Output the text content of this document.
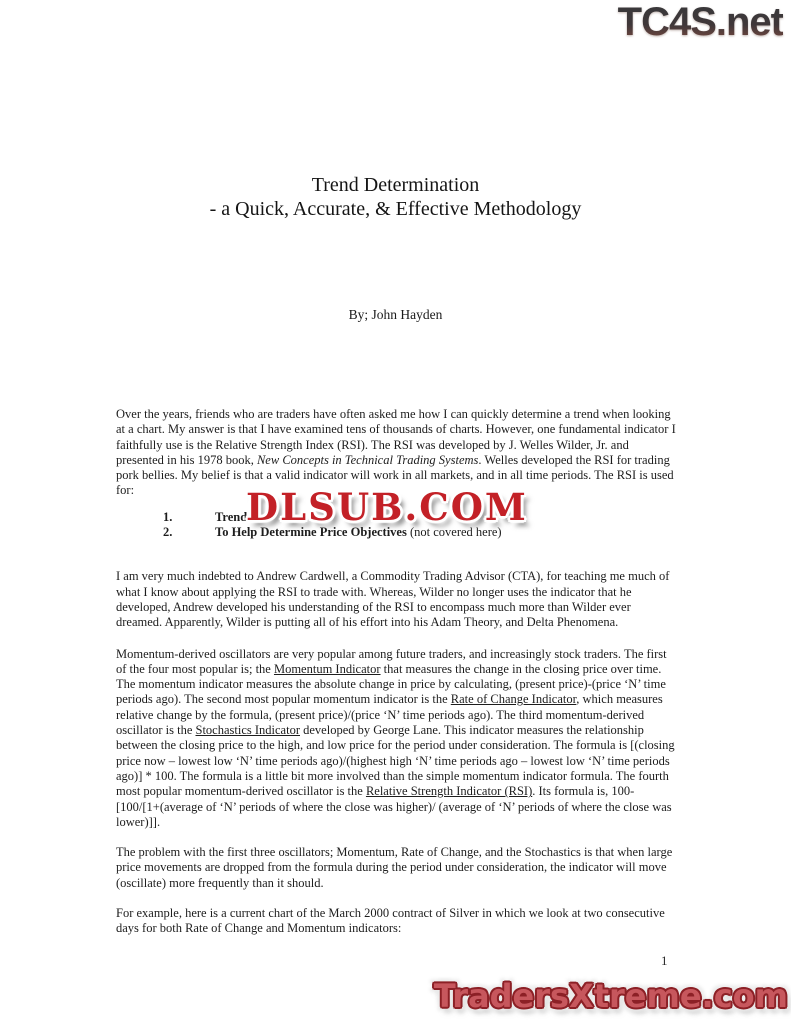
TC4S.net
Trend Determination
- a Quick, Accurate, & Effective Methodology
By; John Hayden

Over the years, friends who are traders have often asked me how I can quickly determine a trend when looking at a chart. My answer is that I have examined tens of thousands of charts. However, one fundamental indicator I faithfully use is the Relative Strength Index (RSI). The RSI was developed by J. Welles Wilder, Jr. and presented in his 1978 book, New Concepts in Technical Trading Systems. Welles developed the RSI for trading pork bellies. My belief is that a valid indicator will work in all markets, and in all time periods. The RSI is used for:

1.	Trend A
2.	To Help Determine Price Objectives (not covered here)

I am very much indebted to Andrew Cardwell, a Commodity Trading Advisor (CTA), for teaching me much of what I know about applying the RSI to trade with. Whereas, Wilder no longer uses the indicator that he developed, Andrew developed his understanding of the RSI to encompass much more than Wilder ever dreamed. Apparently, Wilder is putting all of his effort into his Adam Theory, and Delta Phenomena.

Momentum-derived oscillators are very popular among future traders, and increasingly stock traders. The first of the four most popular is; the Momentum Indicator that measures the change in the closing price over time. The momentum indicator measures the absolute change in price by calculating, (present price)-(price ‘N’ time periods ago). The second most popular momentum indicator is the Rate of Change Indicator, which measures relative change by the formula, (present price)/(price ‘N’ time periods ago). The third momentum-derived oscillator is the Stochastics Indicator developed by George Lane. This indicator measures the relationship between the closing price to the high, and low price for the period under consideration. The formula is [(closing price now – lowest low ‘N’ time periods ago)/(highest high ‘N’ time periods ago – lowest low ‘N’ time periods ago)] * 100. The formula is a little bit more involved than the simple momentum indicator formula. The fourth most popular momentum-derived oscillator is the Relative Strength Indicator (RSI). Its formula is, 100-[100/[1+(average of ‘N’ periods of where the close was higher)/ (average of ‘N’ periods of where the close was lower)]].

The problem with the first three oscillators; Momentum, Rate of Change, and the Stochastics is that when large price movements are dropped from the formula during the period under consideration, the indicator will move (oscillate) more frequently than it should.

For example, here is a current chart of the March 2000 contract of Silver in which we look at two consecutive days for both Rate of Change and Momentum indicators:

DLSUB.COM
1
TradersXtreme.com
